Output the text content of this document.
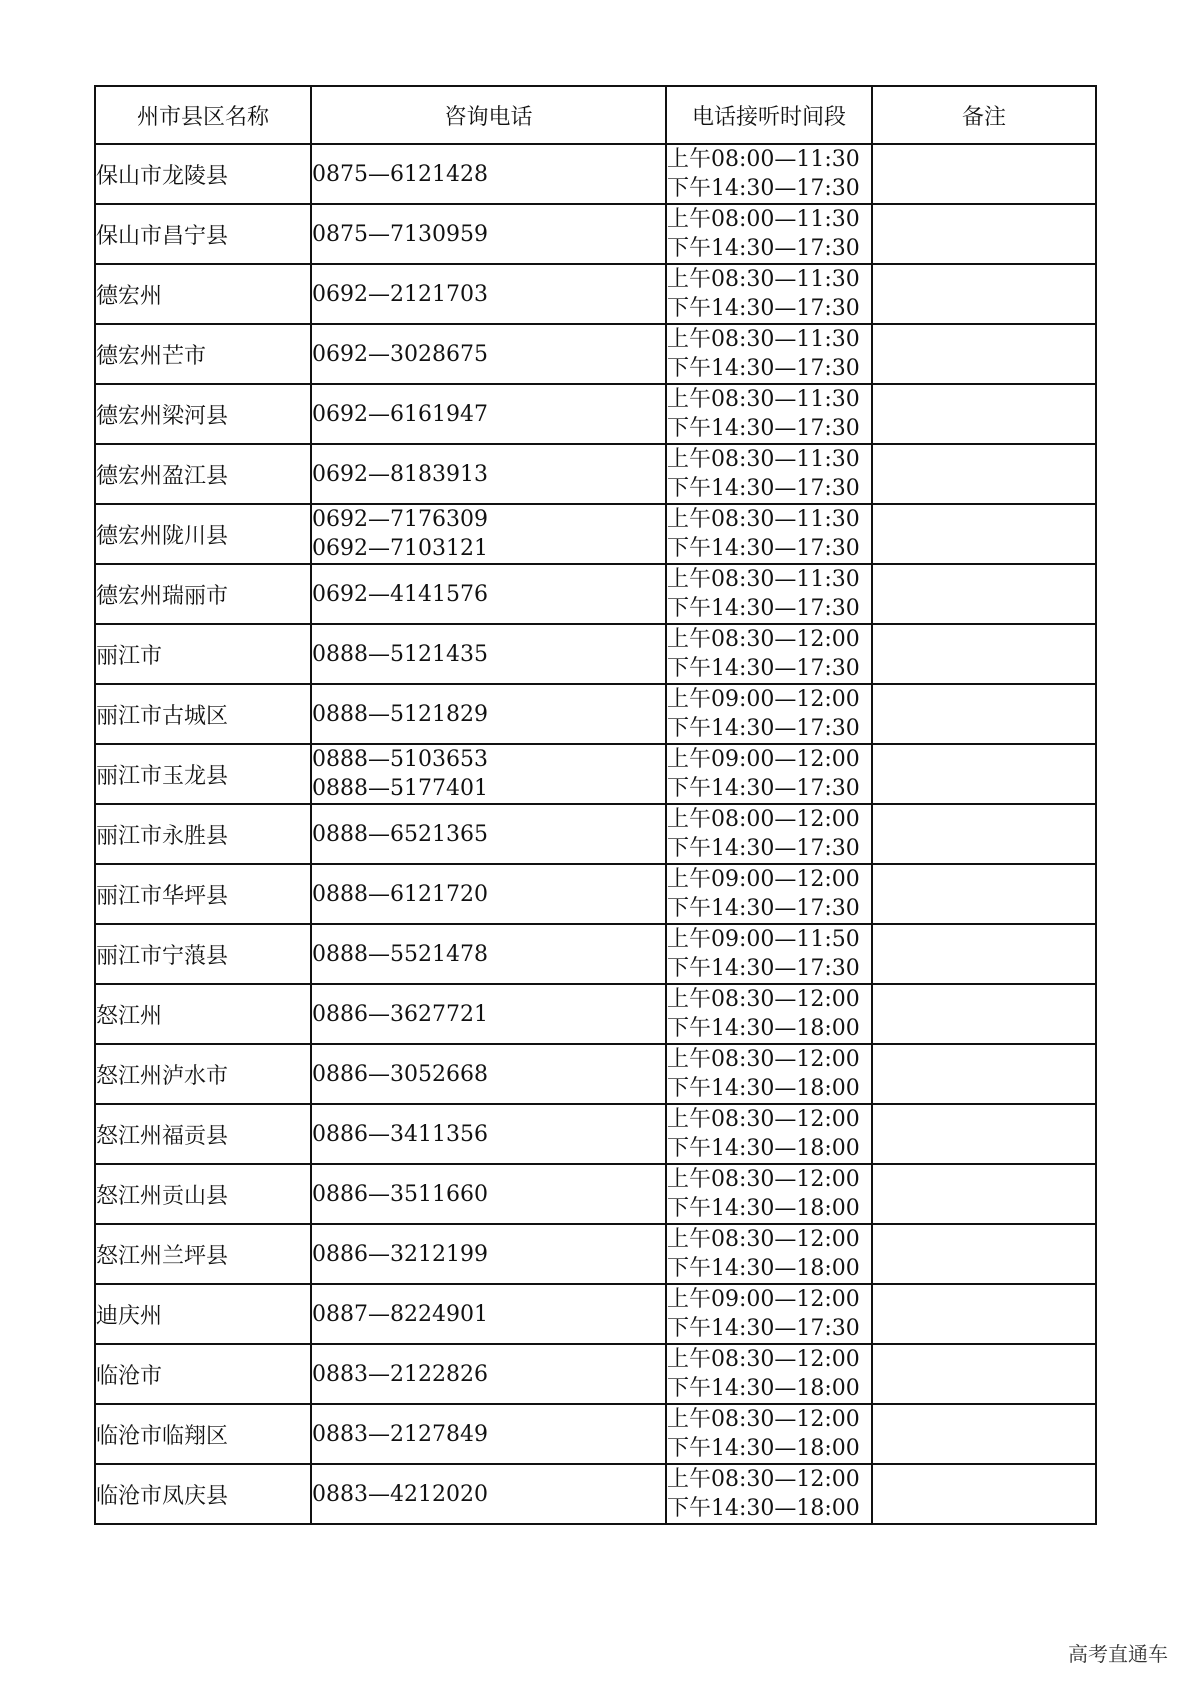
州市县区名称	咨询电话	电话接听时间段	备注
保山市龙陵县	0875—6121428	上午08:00—11:30
下午14:30—17:30	

保山市昌宁县	0875—7130959	上午08:00—11:30
下午14:30—17:30	

德宏州	0692—2121703	上午08:30—11:30
下午14:30—17:30	

德宏州芒市	0692—3028675	上午08:30—11:30
下午14:30—17:30	

德宏州梁河县	0692—6161947	上午08:30—11:30
下午14:30—17:30	

德宏州盈江县	0692—8183913	上午08:30—11:30
下午14:30—17:30	

德宏州陇川县	0692—7176309
0692—7103121	上午08:30—11:30
下午14:30—17:30	

德宏州瑞丽市	0692—4141576	上午08:30—11:30
下午14:30—17:30	

丽江市	0888—5121435	上午08:30—12:00
下午14:30—17:30	

丽江市古城区	0888—5121829	上午09:00—12:00
下午14:30—17:30	

丽江市玉龙县	0888—5103653
0888—5177401	上午09:00—12:00
下午14:30—17:30	

丽江市永胜县	0888—6521365	上午08:00—12:00
下午14:30—17:30	

丽江市华坪县	0888—6121720	上午09:00—12:00
下午14:30—17:30	

丽江市宁蒗县	0888—5521478	上午09:00—11:50
下午14:30—17:30	

怒江州	0886—3627721	上午08:30—12:00
下午14:30—18:00	

怒江州泸水市	0886—3052668	上午08:30—12:00
下午14:30—18:00	

怒江州福贡县	0886—3411356	上午08:30—12:00
下午14:30—18:00	

怒江州贡山县	0886—3511660	上午08:30—12:00
下午14:30—18:00	

怒江州兰坪县	0886—3212199	上午08:30—12:00
下午14:30—18:00	

迪庆州	0887—8224901	上午09:00—12:00
下午14:30—17:30	

临沧市	0883—2122826	上午08:30—12:00
下午14:30—18:00	

临沧市临翔区	0883—2127849	上午08:30—12:00
下午14:30—18:00	

临沧市凤庆县	0883—4212020	上午08:30—12:00
下午14:30—18:00	

高考直通车
